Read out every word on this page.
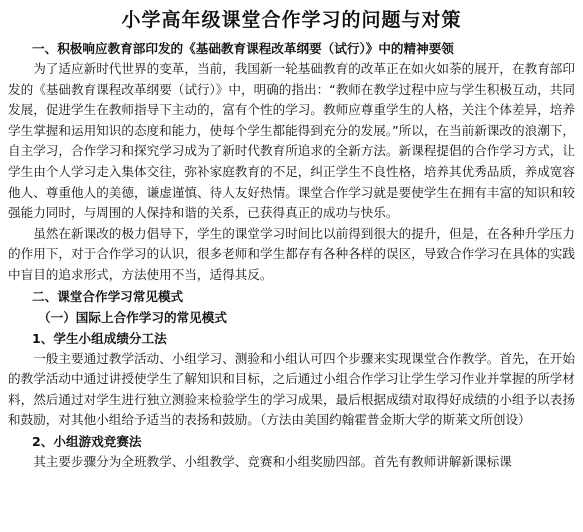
小学高年级课堂合作学习的问题与对策
一、积极响应教育部印发的《基础教育课程改革纲要（试行）》中的精神要领

为了适应新时代世界的变革，当前，我国新一轮基础教育的改革正在如火如荼的展开，在教育部印发的《基础教育课程改革纲要（试行）》中，明确的指出：“教师在教学过程中应与学生积极互动，共同发展，促进学生在教师指导下主动的，富有个性的学习。教师应尊重学生的人格，关注个体差异，培养学生掌握和运用知识的态度和能力，使每个学生都能得到充分的发展。”所以，在当前新课改的浪潮下，自主学习，合作学习和探究学习成为了新时代教育所追求的全新方法。新课程提倡的合作学习方式，让学生由个人学习走入集体交往，弥补家庭教育的不足，纠正学生不良性格，培养其优秀品质，养成宽容他人、尊重他人的美德，谦虚谨慎、待人友好热情。课堂合作学习就是要使学生在拥有丰富的知识和较强能力同时，与周围的人保持和谐的关系，已获得真正的成功与快乐。

虽然在新课改的极力倡导下，学生的课堂学习时间比以前得到很大的提升，但是，在各种升学压力的作用下，对于合作学习的认识，很多老师和学生都存有各种各样的误区，导致合作学习在具体的实践中盲目的追求形式，方法使用不当，适得其反。

二、课堂合作学习常见模式
（一）国际上合作学习的常见模式
1、学生小组成绩分工法

一般主要通过教学活动、小组学习、测验和小组认可四个步骤来实现课堂合作教学。首先，在开始的教学活动中通过讲授使学生了解知识和目标，之后通过小组合作学习让学生学习作业并掌握的所学材料，然后通过对学生进行独立测验来检验学生的学习成果，最后根据成绩对取得好成绩的小组予以表扬和鼓励，对其他小组给予适当的表扬和鼓励。（方法由美国约翰霍普金斯大学的斯莱文所创设）

2、小组游戏竞赛法

其主要步骤分为全班教学、小组教学、竞赛和小组奖励四部。首先有教师讲解新课标课
